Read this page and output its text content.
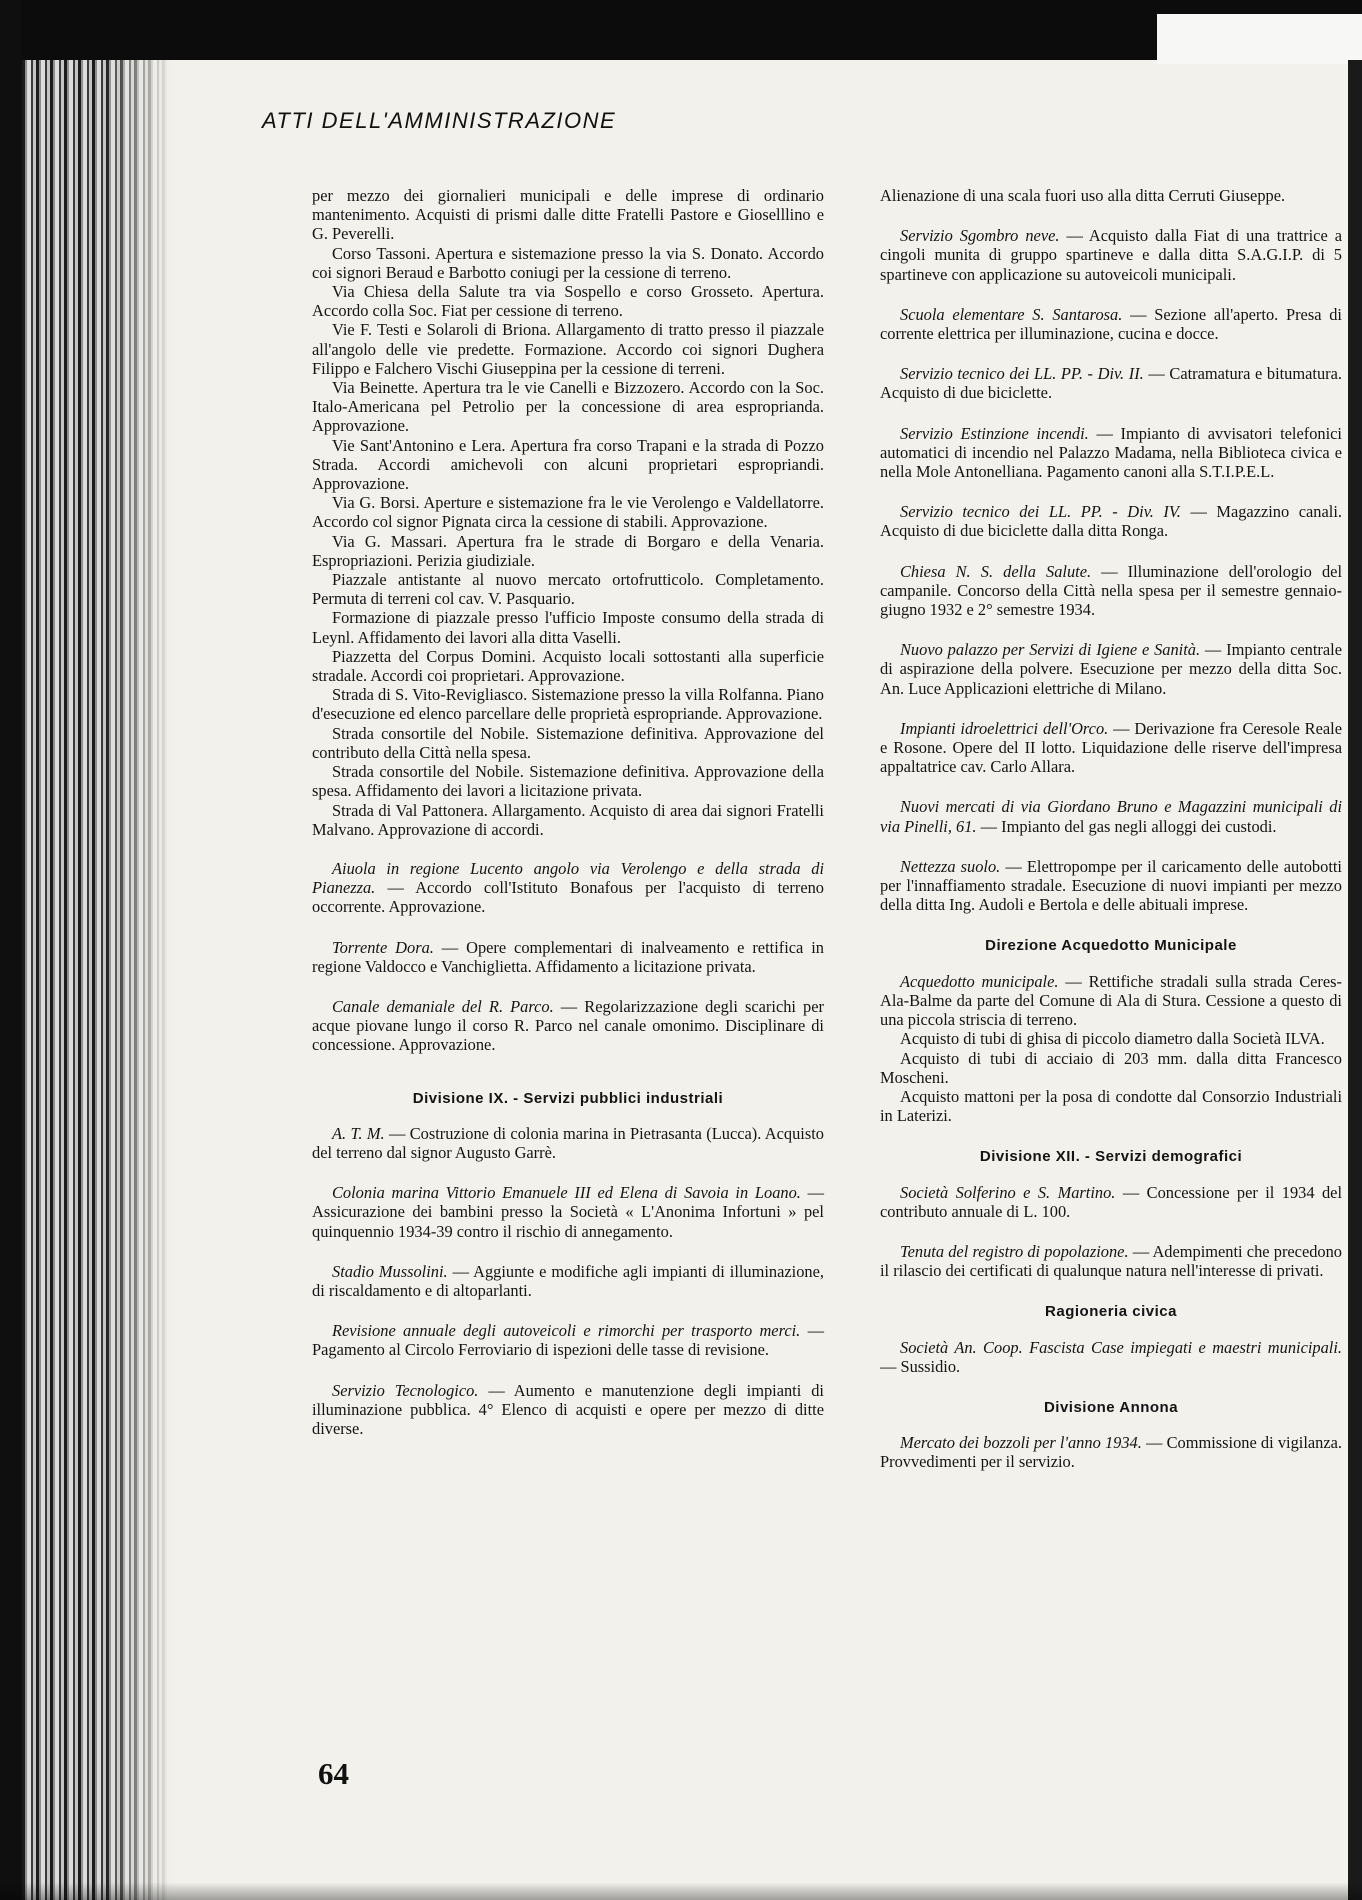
ATTI DELL'AMMINISTRAZIONE

per mezzo dei giornalieri municipali e delle imprese di ordinario mantenimento. Acquisti di prismi dalle ditte Fratelli Pastore e Gioselllino e G. Peverelli.

Corso Tassoni. Apertura e sistemazione presso la via S. Donato. Accordo coi signori Beraud e Barbotto coniugi per la cessione di terreno.

Via Chiesa della Salute tra via Sospello e corso Grosseto. Apertura. Accordo colla Soc. Fiat per cessione di terreno.

Vie F. Testi e Solaroli di Briona. Allargamento di tratto presso il piazzale all'angolo delle vie predette. Formazione. Accordo coi signori Dughera Filippo e Falchero Vischi Giuseppina per la cessione di terreni.

Via Beinette. Apertura tra le vie Canelli e Bizzozero. Accordo con la Soc. Italo-Americana pel Petrolio per la concessione di area espropriandа. Approvazione.

Vie Sant'Antonino e Lera. Apertura fra corso Trapani e la strada di Pozzo Strada. Accordi amichevoli con alcuni proprietari espropriandi. Approvazione.

Via G. Borsi. Aperture e sistemazione fra le vie Verolengo e Valdellatorre. Accordo col signor Pignata circa la cessione di stabili. Approvazione.

Via G. Massari. Apertura fra le strade di Borgaro e della Venaria. Espropriazioni. Perizia giudiziale.

Piazzale antistante al nuovo mercato ortofrutticolo. Completamento. Permuta di terreni col cav. V. Pasquario.

Formazione di piazzale presso l'ufficio Imposte consumo della strada di Leynl. Affidamento dei lavori alla ditta Vaselli.

Piazzetta del Corpus Domini. Acquisto locali sottostanti alla superficie stradale. Accordi coi proprietari. Approvazione.

Strada di S. Vito-Revigliasco. Sistemazione presso la villa Rolfanna. Piano d'esecuzione ed elenco parcellare delle proprietà espropriande. Approvazione.

Strada consortile del Nobile. Sistemazione definitiva. Approvazione del contributo della Città nella spesa.

Strada consortile del Nobile. Sistemazione definitiva. Approvazione della spesa. Affidamento dei lavori a licitazione privata.

Strada di Val Pattonera. Allargamento. Acquisto di area dai signori Fratelli Malvano. Approvazione di accordi.

Aiuola in regione Lucento angolo via Verolengo e della strada di Pianezza. — Accordo coll'Istituto Bonafous per l'acquisto di terreno occorrente. Approvazione.

Torrente Dora. — Opere complementari di inalveamento e rettifica in regione Valdocco e Vanchiglietta. Affidamento a licitazione privata.

Canale demaniale del R. Parco. — Regolarizzazione degli scarichi per acque piovane lungo il corso R. Parco nel canale omonimo. Disciplinare di concessione. Approvazione.

Divisione IX. - Servizi pubblici industriali

A. T. M. — Costruzione di colonia marina in Pietrasanta (Lucca). Acquisto del terreno dal signor Augusto Garrè.

Colonia marina Vittorio Emanuele III ed Elena di Savoia in Loano. — Assicurazione dei bambini presso la Società « L'Anonima Infortuni » pel quinquennio 1934-39 contro il rischio di annegamento.

Stadio Mussolini. — Aggiunte e modifiche agli impianti di illuminazione, di riscaldamento e di altoparlanti.

Revisione annuale degli autoveicoli e rimorchi per trasporto merci. — Pagamento al Circolo Ferroviario di ispezioni delle tasse di revisione.

Servizio Tecnologico. — Aumento e manutenzione degli impianti di illuminazione pubblica. 4° Elenco di acquisti e opere per mezzo di ditte diverse.

Alienazione di una scala fuori uso alla ditta Cerruti Giuseppe.

Servizio Sgombro neve. — Acquisto dalla Fiat di una trattrice a cingoli munita di gruppo spartineve e dalla ditta S.A.G.I.P. di 5 spartineve con applicazione su autoveicoli municipali.

Scuola elementare S. Santarosa. — Sezione all'aperto. Presa di corrente elettrica per illuminazione, cucina e docce.

Servizio tecnico dei LL. PP. - Div. II. — Catramatura e bitumatura. Acquisto di due biciclette.

Servizio Estinzione incendi. — Impianto di avvisatori telefonici automatici di incendio nel Palazzo Madama, nella Biblioteca civica e nella Mole Antonelliana. Pagamento canoni alla S.T.I.P.E.L.

Servizio tecnico dei LL. PP. - Div. IV. — Magazzino canali. Acquisto di due biciclette dalla ditta Ronga.

Chiesa N. S. della Salute. — Illuminazione dell'orologio del campanile. Concorso della Città nella spesa per il semestre gennaio-giugno 1932 e 2° semestre 1934.

Nuovo palazzo per Servizi di Igiene e Sanità. — Impianto centrale di aspirazione della polvere. Esecuzione per mezzo della ditta Soc. An. Luce Applicazioni elettriche di Milano.

Impianti idroelettrici dell'Orco. — Derivazione fra Ceresole Reale e Rosone. Opere del II lotto. Liquidazione delle riserve dell'impresa appaltatrice cav. Carlo Allara.

Nuovi mercati di via Giordano Bruno e Magazzini municipali di via Pinelli, 61. — Impianto del gas negli alloggi dei custodi.

Nettezza suolo. — Elettropompe per il caricamento delle autobotti per l'innaffiamento stradale. Esecuzione di nuovi impianti per mezzo della ditta Ing. Audoli e Bertola e delle abituali imprese.

Direzione Acquedotto Municipale

Acquedotto municipale. — Rettifiche stradali sulla strada Ceres-Ala-Balme da parte del Comune di Ala di Stura. Cessione a questo di una piccola striscia di terreno.

Acquisto di tubi di ghisa di piccolo diametro dalla Società ILVA.

Acquisto di tubi di acciaio di 203 mm. dalla ditta Francesco Moscheni.

Acquisto mattoni per la posa di condotte dal Consorzio Industriali in Laterizi.

Divisione XII. - Servizi demografici

Società Solferino e S. Martino. — Concessione per il 1934 del contributo annuale di L. 100.

Tenuta del registro di popolazione. — Adempimenti che precedono il rilascio dei certificati di qualunque natura nell'interesse di privati.

Ragioneria civica

Società An. Coop. Fascista Case impiegati e maestri municipali. — Sussidio.

Divisione Annona

Mercato dei bozzoli per l'anno 1934. — Commissione di vigilanza. Provvedimenti per il servizio.

64
